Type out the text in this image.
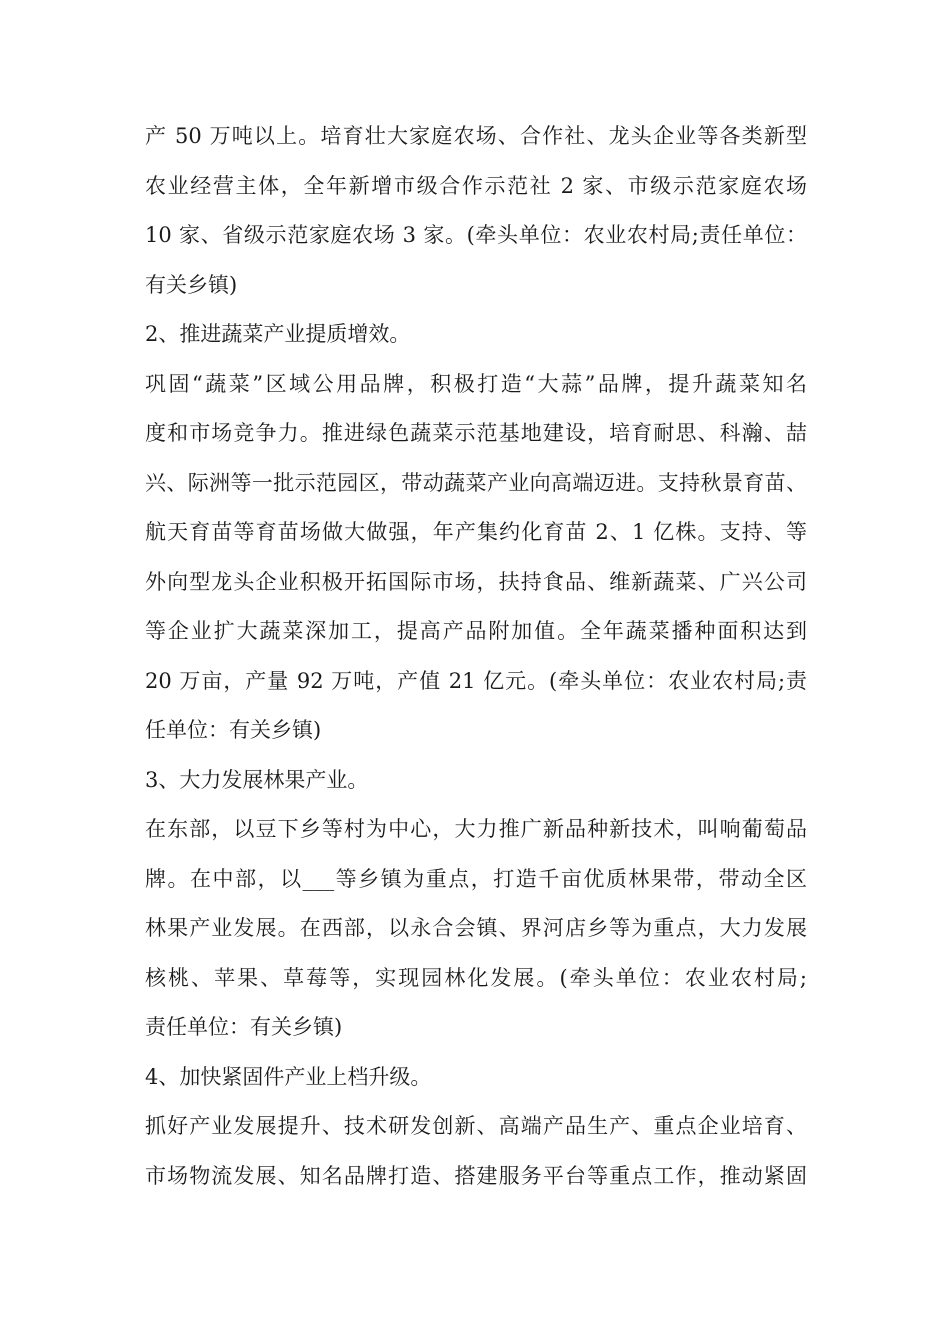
产 50 万吨以上。培育壮大家庭农场、合作社、龙头企业等各类新型
农业经营主体，全年新增市级合作示范社 2 家、市级示范家庭农场
10 家、省级示范家庭农场 3 家。(牵头单位：农业农村局;责任单位：
有关乡镇)
2、推进蔬菜产业提质增效。
巩固“蔬菜”区域公用品牌，积极打造“大蒜”品牌，提升蔬菜知名
度和市场竞争力。推进绿色蔬菜示范基地建设，培育耐思、科瀚、喆
兴、际洲等一批示范园区，带动蔬菜产业向高端迈进。支持秋景育苗、
航天育苗等育苗场做大做强，年产集约化育苗 2、1 亿株。支持、等
外向型龙头企业积极开拓国际市场，扶持食品、维新蔬菜、广兴公司
等企业扩大蔬菜深加工，提高产品附加值。全年蔬菜播种面积达到
20 万亩，产量 92 万吨，产值 21 亿元。(牵头单位：农业农村局;责
任单位：有关乡镇)
3、大力发展林果产业。
在东部，以豆下乡等村为中心，大力推广新品种新技术，叫响葡萄品
牌。在中部，以___等乡镇为重点，打造千亩优质林果带，带动全区
林果产业发展。在西部，以永合会镇、界河店乡等为重点，大力发展
核桃、苹果、草莓等，实现园林化发展。(牵头单位：农业农村局;
责任单位：有关乡镇)
4、加快紧固件产业上档升级。
抓好产业发展提升、技术研发创新、高端产品生产、重点企业培育、
市场物流发展、知名品牌打造、搭建服务平台等重点工作，推动紧固
